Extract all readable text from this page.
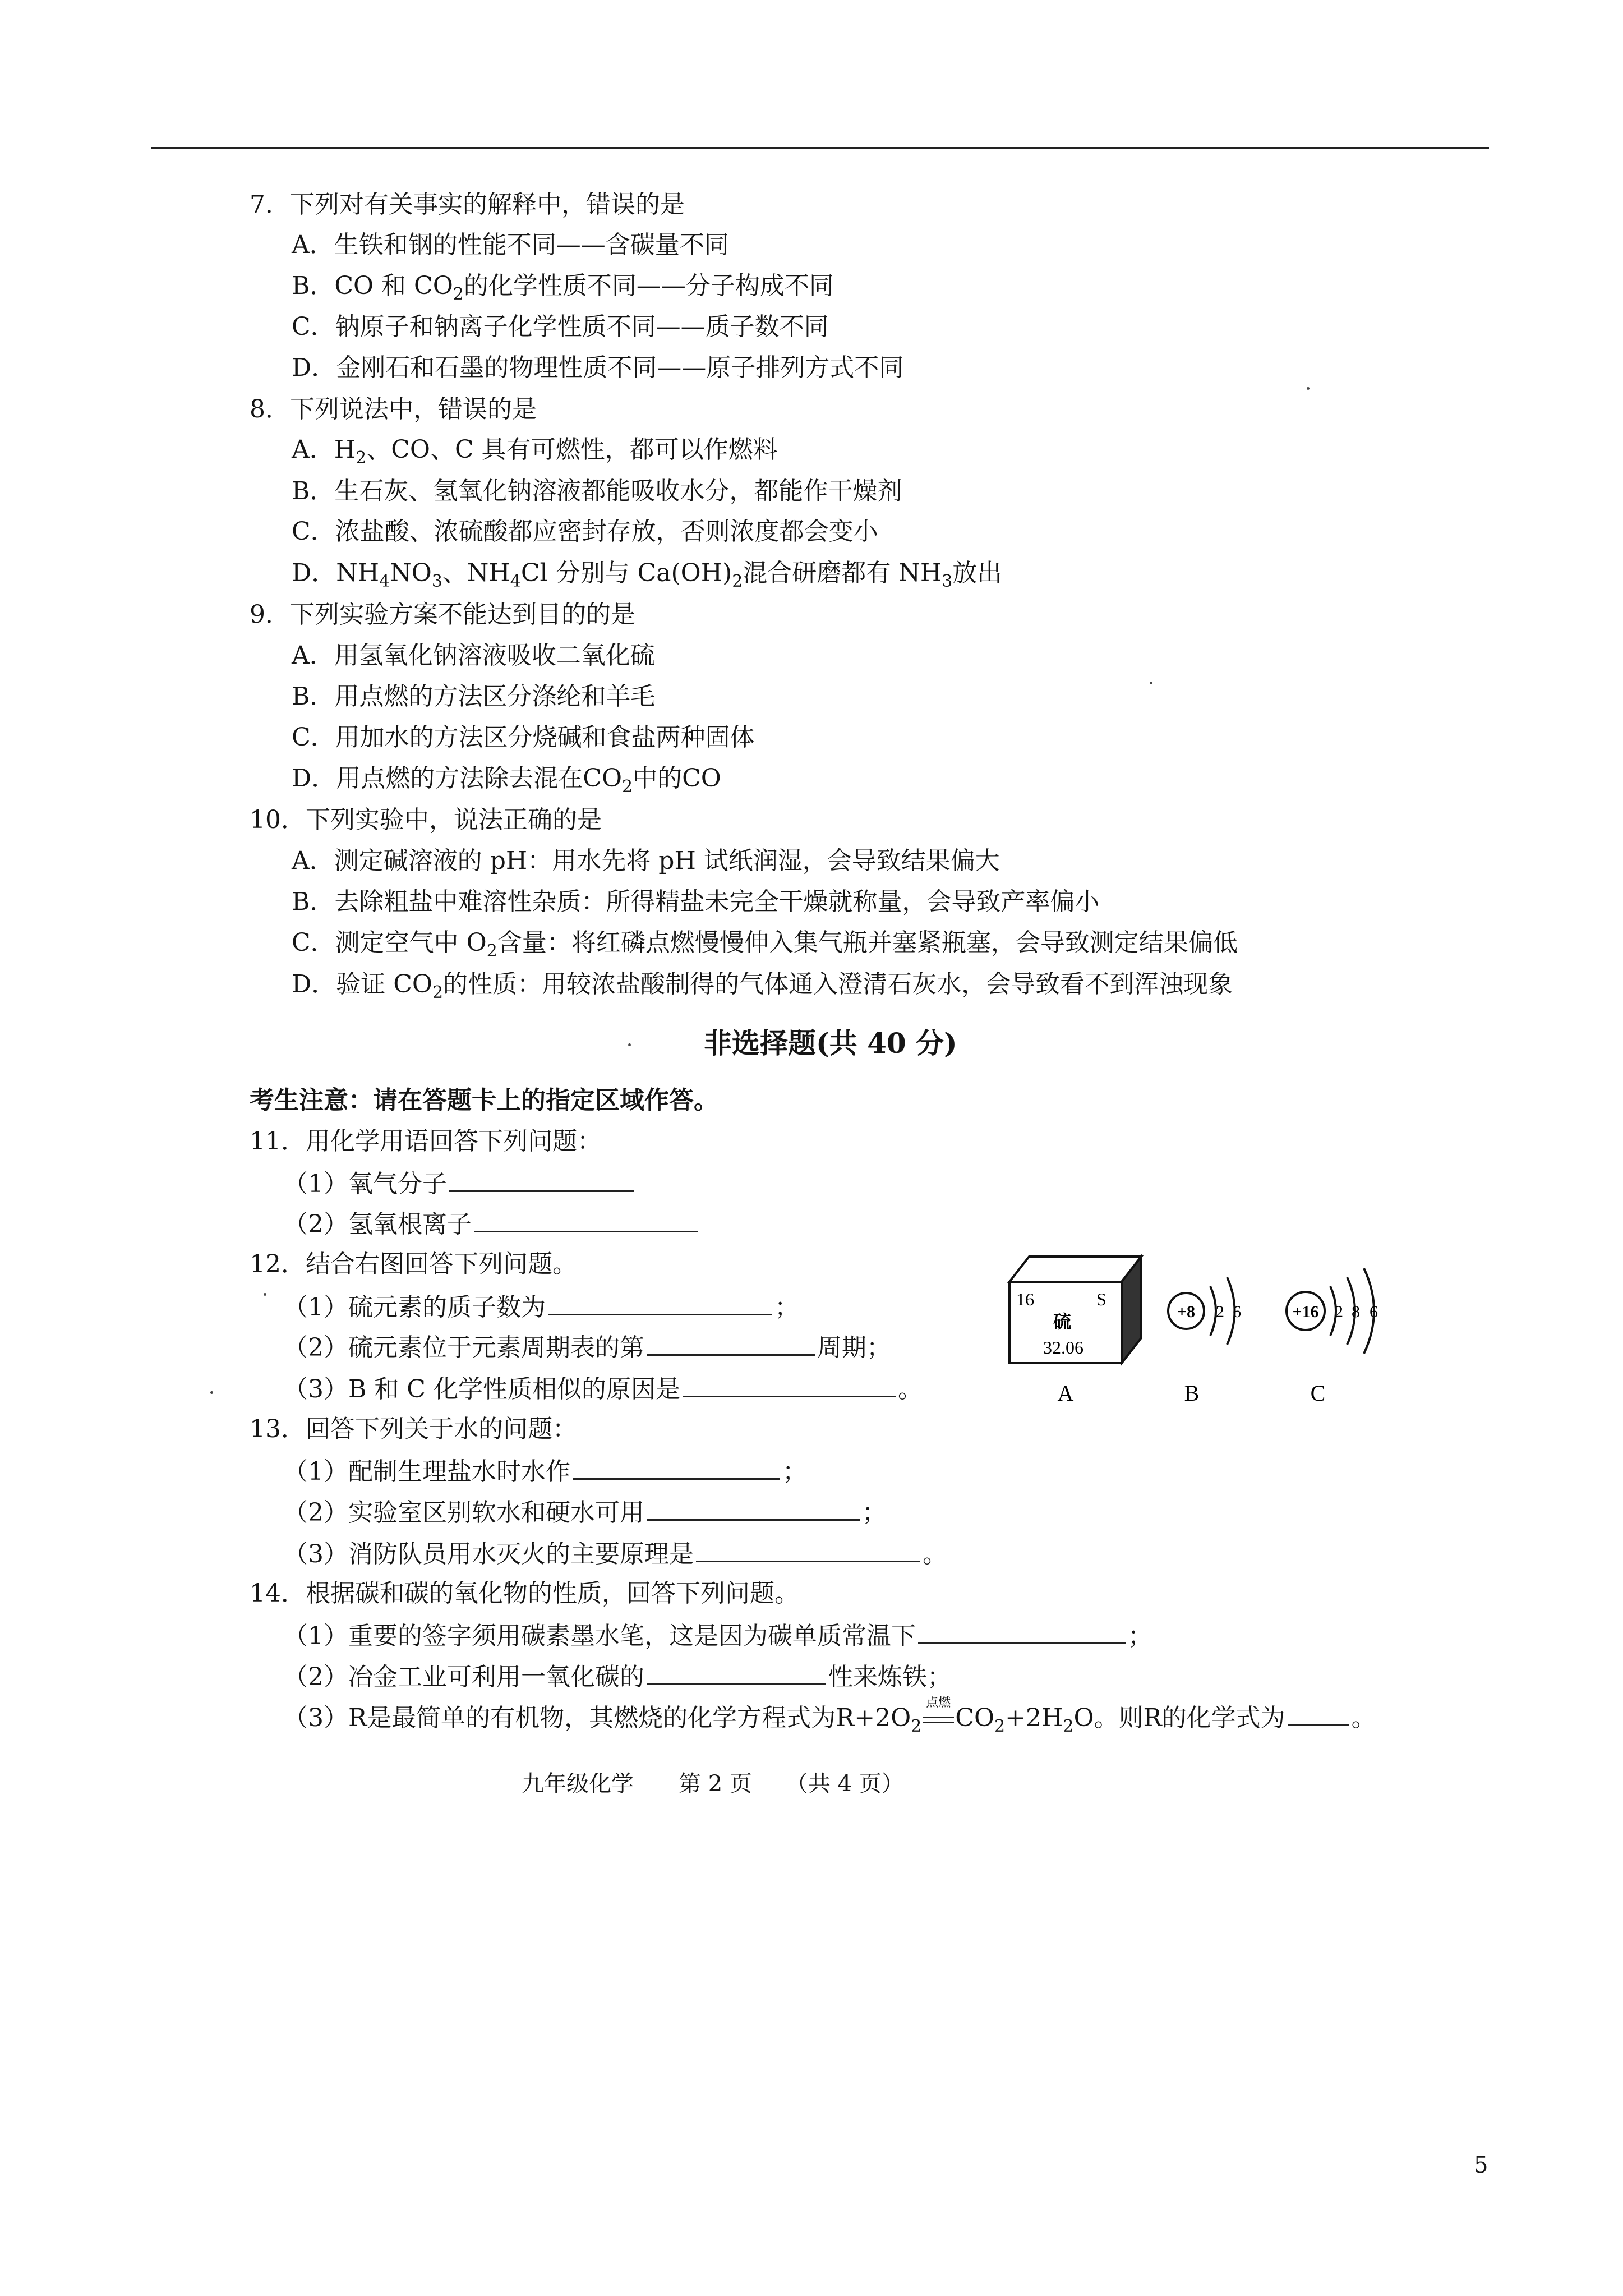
7．下列对有关事实的解释中，错误的是
A．生铁和钢的性能不同——含碳量不同
B．CO 和 $CO_2$的化学性质不同——分子构成不同
C．钠原子和钠离子化学性质不同——质子数不同
D．金刚石和石墨的物理性质不同——原子排列方式不同
8．下列说法中，错误的是
A．$H_2$、CO、C 具有可燃性，都可以作燃料
B．生石灰、氢氧化钠溶液都能吸收水分，都能作干燥剂
C．浓盐酸、浓硫酸都应密封存放，否则浓度都会变小
D．$NH_4NO_3$、$NH_4Cl$ 分别与 $Ca(OH)_2$混合研磨都有 $NH_3$放出
9．下列实验方案不能达到目的的是
A．用氢氧化钠溶液吸收二氧化硫
B．用点燃的方法区分涤纶和羊毛
C．用加水的方法区分烧碱和食盐两种固体
D．用点燃的方法除去混在$CO_2$中的CO
10．下列实验中，说法正确的是
A．测定碱溶液的 pH：用水先将 pH 试纸润湿，会导致结果偏大
B．去除粗盐中难溶性杂质：所得精盐未完全干燥就称量，会导致产率偏小
C．测定空气中 $O_2$含量：将红磷点燃慢慢伸入集气瓶并塞紧瓶塞，会导致测定结果偏低
D．验证 $CO_2$的性质：用较浓盐酸制得的气体通入澄清石灰水，会导致看不到浑浊现象
非选择题(共 40 分)
考生注意：请在答题卡上的指定区域作答。
11．用化学用语回答下列问题：
（1）氧气分子
（2）氢氧根离子
12．结合右图回答下列问题。
（1）硫元素的质子数为	；
（2）硫元素位于元素周期表的第	周期；
（3）B 和 C 化学性质相似的原因是	。
16	S
硫
32.06
+8 2 6	+16 2 8 6
A	B	C
13．回答下列关于水的问题：
（1）配制生理盐水时水作	；
（2）实验室区别软水和硬水可用	；
（3）消防队员用水灭火的主要原理是	。
14．根据碳和碳的氧化物的性质，回答下列问题。
（1）重要的签字须用碳素墨水笔，这是因为碳单质常温下	；
（2）冶金工业可利用一氧化碳的	性来炼铁；
（3）R是最简单的有机物，其燃烧的化学方程式为$R+2O_2$
点燃
$CO_2+2H_2O$。则R的化学式为	。
九年级化学　　第 2 页　　（共 4 页）
5
